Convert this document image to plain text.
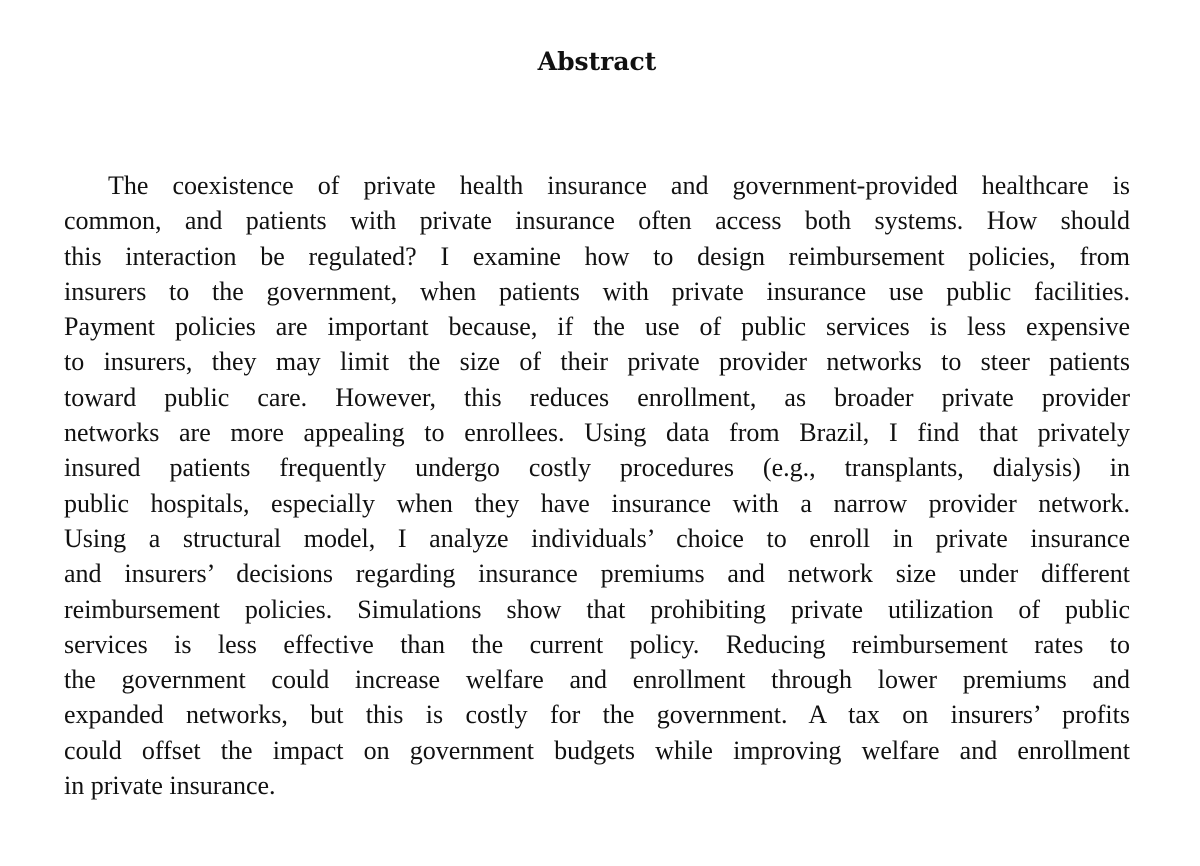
Abstract
The coexistence of private health insurance and government-provided healthcare is
common, and patients with private insurance often access both systems. How should
this interaction be regulated? I examine how to design reimbursement policies, from
insurers to the government, when patients with private insurance use public facilities.
Payment policies are important because, if the use of public services is less expensive
to insurers, they may limit the size of their private provider networks to steer patients
toward public care. However, this reduces enrollment, as broader private provider
networks are more appealing to enrollees. Using data from Brazil, I find that privately
insured patients frequently undergo costly procedures (e.g., transplants, dialysis) in
public hospitals, especially when they have insurance with a narrow provider network.
Using a structural model, I analyze individuals’ choice to enroll in private insurance
and insurers’ decisions regarding insurance premiums and network size under different
reimbursement policies. Simulations show that prohibiting private utilization of public
services is less effective than the current policy. Reducing reimbursement rates to
the government could increase welfare and enrollment through lower premiums and
expanded networks, but this is costly for the government. A tax on insurers’ profits
could offset the impact on government budgets while improving welfare and enrollment
in private insurance.
